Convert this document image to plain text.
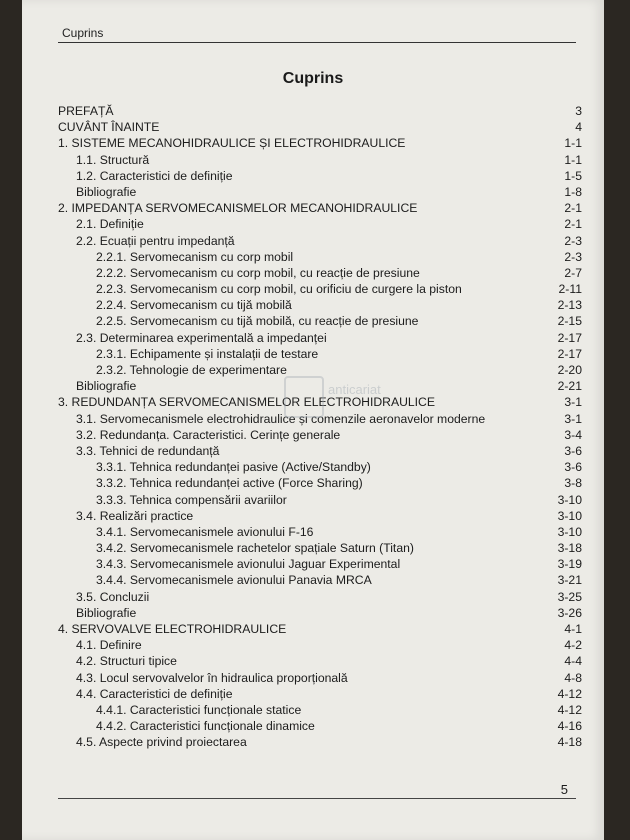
Cuprins
Cuprins
PREFAȚĂ	3
CUVÂNT ÎNAINTE	4
1. SISTEME MECANOHIDRAULICE ȘI ELECTROHIDRAULICE	1-1
1.1. Structură	1-1
1.2. Caracteristici de definiție	1-5
Bibliografie	1-8
2. IMPEDANȚA SERVOMECANISMELOR MECANOHIDRAULICE	2-1
2.1. Definiție	2-1
2.2. Ecuații pentru impedanță	2-3
2.2.1. Servomecanism cu corp mobil	2-3
2.2.2. Servomecanism cu corp mobil, cu reacție de presiune	2-7
2.2.3. Servomecanism cu corp mobil, cu orificiu de curgere la piston	2-11
2.2.4. Servomecanism cu tijă mobilă	2-13
2.2.5. Servomecanism cu tijă mobilă, cu reacție de presiune	2-15
2.3. Determinarea experimentală a impedanței	2-17
2.3.1. Echipamente și instalații de testare	2-17
2.3.2. Tehnologie de experimentare	2-20
Bibliografie	2-21
3. REDUNDANȚA SERVOMECANISMELOR ELECTROHIDRAULICE	3-1
3.1. Servomecanismele electrohidraulice și comenzile aeronavelor moderne	3-1
3.2. Redundanța. Caracteristici. Cerințe generale	3-4
3.3. Tehnici de redundanță	3-6
3.3.1. Tehnica redundanței pasive (Active/Standby)	3-6
3.3.2. Tehnica redundanței active (Force Sharing)	3-8
3.3.3. Tehnica compensării avariilor	3-10
3.4. Realizări practice	3-10
3.4.1. Servomecanismele avionului F-16	3-10
3.4.2. Servomecanismele rachetelor spațiale Saturn (Titan)	3-18
3.4.3. Servomecanismele avionului Jaguar Experimental	3-19
3.4.4. Servomecanismele avionului Panavia MRCA	3-21
3.5. Concluzii	3-25
Bibliografie	3-26
4. SERVOVALVE ELECTROHIDRAULICE	4-1
4.1. Definire	4-2
4.2. Structuri tipice	4-4
4.3. Locul servovalvelor în hidraulica proporțională	4-8
4.4. Caracteristici de definiție	4-12
4.4.1. Caracteristici funcționale statice	4-12
4.4.2. Caracteristici funcționale dinamice	4-16
4.5. Aspecte privind proiectarea	4-18
anticariat
5
